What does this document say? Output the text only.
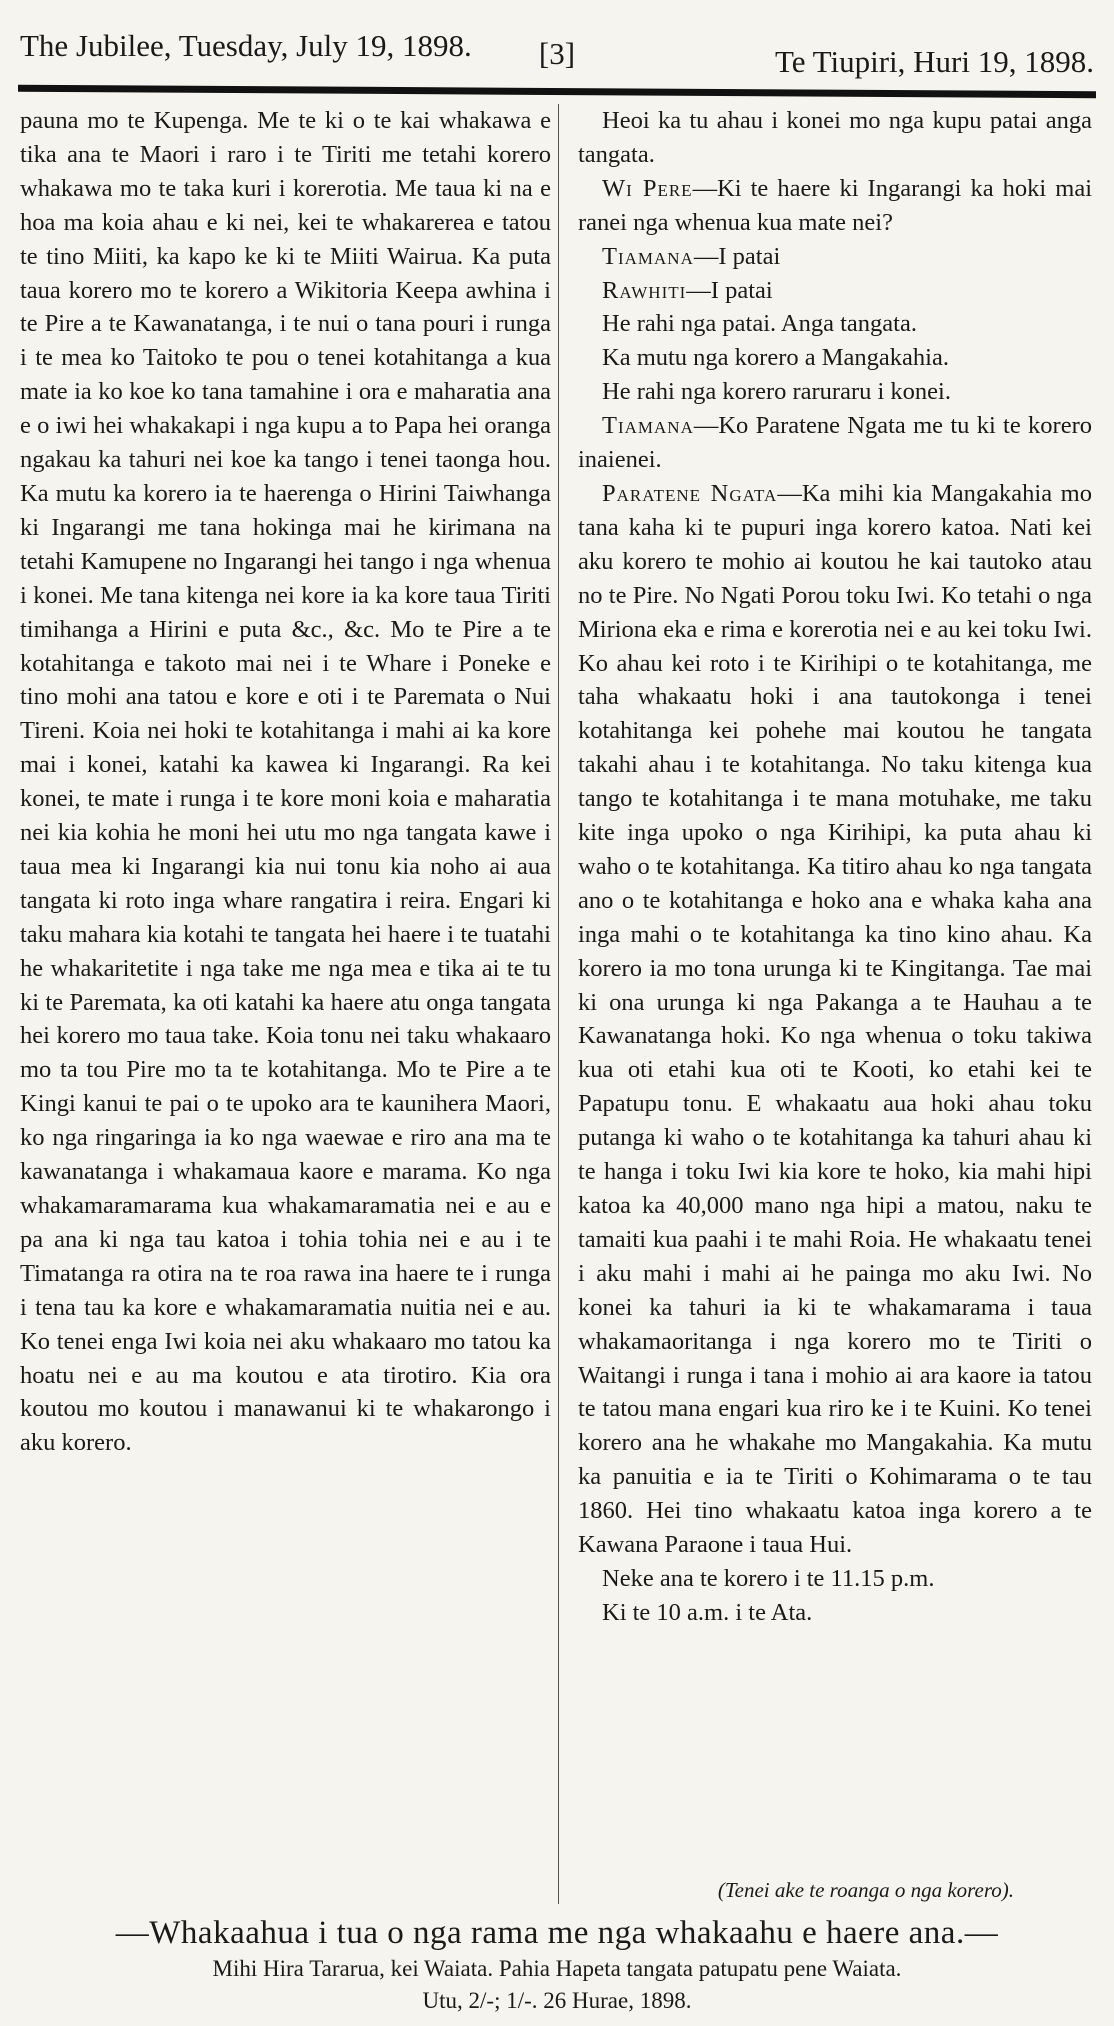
The Jubilee, Tuesday, July 19, 1898.	[3]	Te Tiupiri, Huri 19, 1898.

pauna mo te Kupenga. Me te ki o te kai whakawa e tika ana te Maori i raro i te Tiriti me tetahi korero whakawa mo te taka kuri i korerotia. Me taua ki na e hoa ma koia ahau e ki nei, kei te whakarerea e tatou te tino Miiti, ka kapo ke ki te Miiti Wairua. Ka puta taua korero mo te korero a Wikitoria Keepa awhina i te Pire a te Kawanatanga, i te nui o tana pouri i runga i te mea ko Taitoko te pou o tenei kotahitanga a kua mate ia ko koe ko tana tamahine i ora e maharatia ana e o iwi hei whakakapi i nga kupu a to Papa hei oranga ngakau ka tahuri nei koe ka tango i tenei taonga hou. Ka mutu ka korero ia te haerenga o Hirini Taiwhanga ki Ingarangi me tana hokinga mai he kirimana na tetahi Kamupene no Ingarangi hei tango i nga whenua i konei. Me tana kitenga nei kore ia ka kore taua Tiriti timihanga a Hirini e puta &c., &c. Mo te Pire a te kotahitanga e takoto mai nei i te Whare i Poneke e tino mohi ana tatou e kore e oti i te Paremata o Nui Tireni. Koia nei hoki te kotahitanga i mahi ai ka kore mai i konei, katahi ka kawea ki Ingarangi. Ra kei konei, te mate i runga i te kore moni koia e maharatia nei kia kohia he moni hei utu mo nga tangata kawe i taua mea ki Ingarangi kia nui tonu kia noho ai aua tangata ki roto inga whare rangatira i reira. Engari ki taku mahara kia kotahi te tangata hei haere i te tuatahi he whakaritetite i nga take me nga mea e tika ai te tu ki te Paremata, ka oti katahi ka haere atu onga tangata hei korero mo taua take. Koia tonu nei taku whakaaro mo ta tou Pire mo ta te kotahitanga. Mo te Pire a te Kingi kanui te pai o te upoko ara te kaunihera Maori, ko nga ringaringa ia ko nga waewae e riro ana ma te kawanatanga i whakamaua kaore e marama. Ko nga whakamaramarama kua whakamaramatia nei e au e pa ana ki nga tau katoa i tohia tohia nei e au i te Timatanga ra otira na te roa rawa ina haere te i runga i tena tau ka kore e whakamaramatia nuitia nei e au. Ko tenei enga Iwi koia nei aku whakaaro mo tatou ka hoatu nei e au ma koutou e ata tirotiro. Kia ora koutou mo koutou i manawanui ki te whakarongo i aku korero.

Heoi ka tu ahau i konei mo nga kupu patai anga tangata.

Wi Pere—Ki te haere ki Ingarangi ka hoki mai ranei nga whenua kua mate nei?

Tiamana—I patai

Rawhiti—I patai

He rahi nga patai. Anga tangata.

Ka mutu nga korero a Mangakahia.

He rahi nga korero raruraru i konei.

Tiamana—Ko Paratene Ngata me tu ki te korero inaienei.

Paratene Ngata—Ka mihi kia Mangakahia mo tana kaha ki te pupuri inga korero katoa. Nati kei aku korero te mohio ai koutou he kai tautoko atau no te Pire. No Ngati Porou toku Iwi. Ko tetahi o nga Miriona eka e rima e korerotia nei e au kei toku Iwi. Ko ahau kei roto i te Kirihipi o te kotahitanga, me taha whakaatu hoki i ana tautokonga i tenei kotahitanga kei pohehe mai koutou he tangata takahi ahau i te kotahitanga. No taku kitenga kua tango te kotahitanga i te mana motuhake, me taku kite inga upoko o nga Kirihipi, ka puta ahau ki waho o te kotahitanga. Ka titiro ahau ko nga tangata ano o te kotahitanga e hoko ana e whaka kaha ana inga mahi o te kotahitanga ka tino kino ahau. Ka korero ia mo tona urunga ki te Kingitanga. Tae mai ki ona urunga ki nga Pakanga a te Hauhau a te Kawanatanga hoki. Ko nga whenua o toku takiwa kua oti etahi kua oti te Kooti, ko etahi kei te Papatupu tonu. E whakaatu aua hoki ahau toku putanga ki waho o te kotahitanga ka tahuri ahau ki te hanga i toku Iwi kia kore te hoko, kia mahi hipi katoa ka 40,000 mano nga hipi a matou, naku te tamaiti kua paahi i te mahi Roia. He whakaatu tenei i aku mahi i mahi ai he painga mo aku Iwi. No konei ka tahuri ia ki te whakamarama i taua whakamaoritanga i nga korero mo te Tiriti o Waitangi i runga i tana i mohio ai ara kaore ia tatou te tatou mana engari kua riro ke i te Kuini. Ko tenei korero ana he whakahe mo Mangakahia. Ka mutu ka panuitia e ia te Tiriti o Kohimarama o te tau 1860. Hei tino whakaatu katoa inga korero a te Kawana Paraone i taua Hui.

Neke ana te korero i te 11.15 p.m.

Ki te 10 a.m. i te Ata.

(Tenei ake te roanga o nga korero).
—Whakaahua i tua o nga rama me nga whakaahu e haere ana.—
Mihi Hira Tararua, kei Waiata. Pahia Hapeta tangata patupatu pene Waiata.
Utu, 2/-; 1/-. 26 Hurae, 1898.
